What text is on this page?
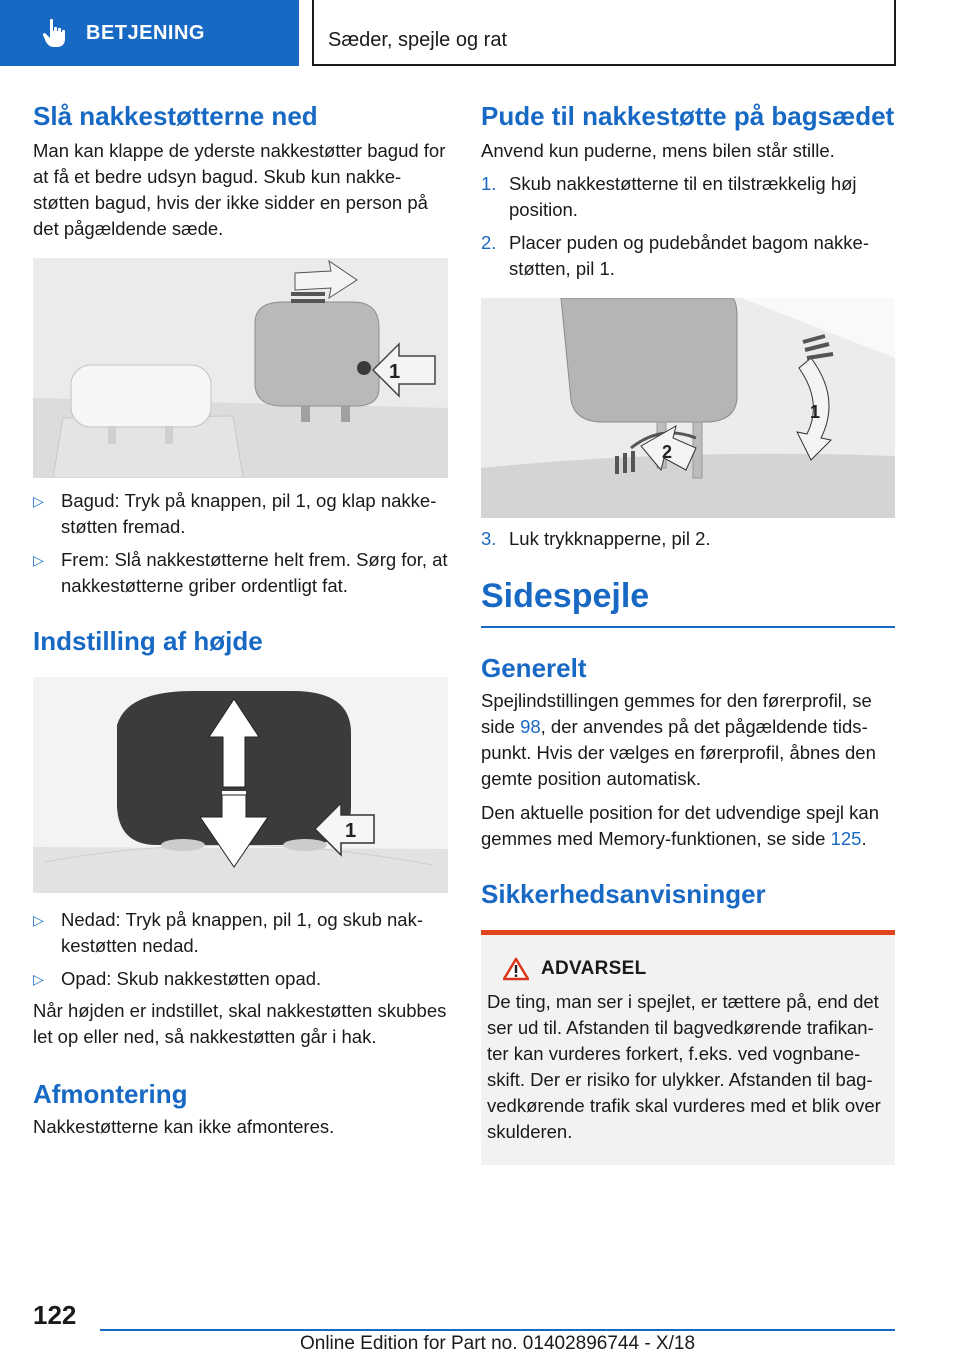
BETJENING	Sæder, spejle og rat
Slå nakkestøtterne ned

Man kan klappe de yderste nakkestøtter bagud for at få et bedre udsyn bagud. Skub kun nakkestøtten bagud, hvis der ikke sidder en person på det pågældende sæde.

1
▷ Bagud: Tryk på knappen, pil 1, og klap nakkestøtten fremad.
▷ Frem: Slå nakkestøtterne helt frem. Sørg for, at nakkestøtterne griber ordentligt fat.
Indstilling af højde
1
▷ Nedad: Tryk på knappen, pil 1, og skub nakkestøtten nedad.
▷ Opad: Skub nakkestøtten opad.

Når højden er indstillet, skal nakkestøtten skubbes let op eller ned, så nakkestøtten går i hak.

Afmontering

Nakkestøtterne kan ikke afmonteres.

Pude til nakkestøtte på bagsædet

Anvend kun puderne, mens bilen står stille.

1. Skub nakkestøtterne til en tilstrækkelig høj position.
2. Placer puden og pudebåndet bagom nakkestøtten, pil 1.
2
1
3. Luk trykknapperne, pil 2.
Sidespejle
Generelt

Spejlindstillingen gemmes for den førerprofil, se side 98, der anvendes på det pågældende tidspunkt. Hvis der vælges en førerprofil, åbnes den gemte position automatisk.

Den aktuelle position for det udvendige spejl kan gemmes med Memory-funktionen, se side 125.

Sikkerhedsanvisninger
ADVARSEL

De ting, man ser i spejlet, er tættere på, end det ser ud til. Afstanden til bagvedkørende trafikanter kan vurderes forkert, f.eks. ved vognbaneskift. Der er risiko for ulykker. Afstanden til bagvedkørende trafik skal vurderes med et blik over skulderen.

122
Online Edition for Part no. 01402896744 - X/18
